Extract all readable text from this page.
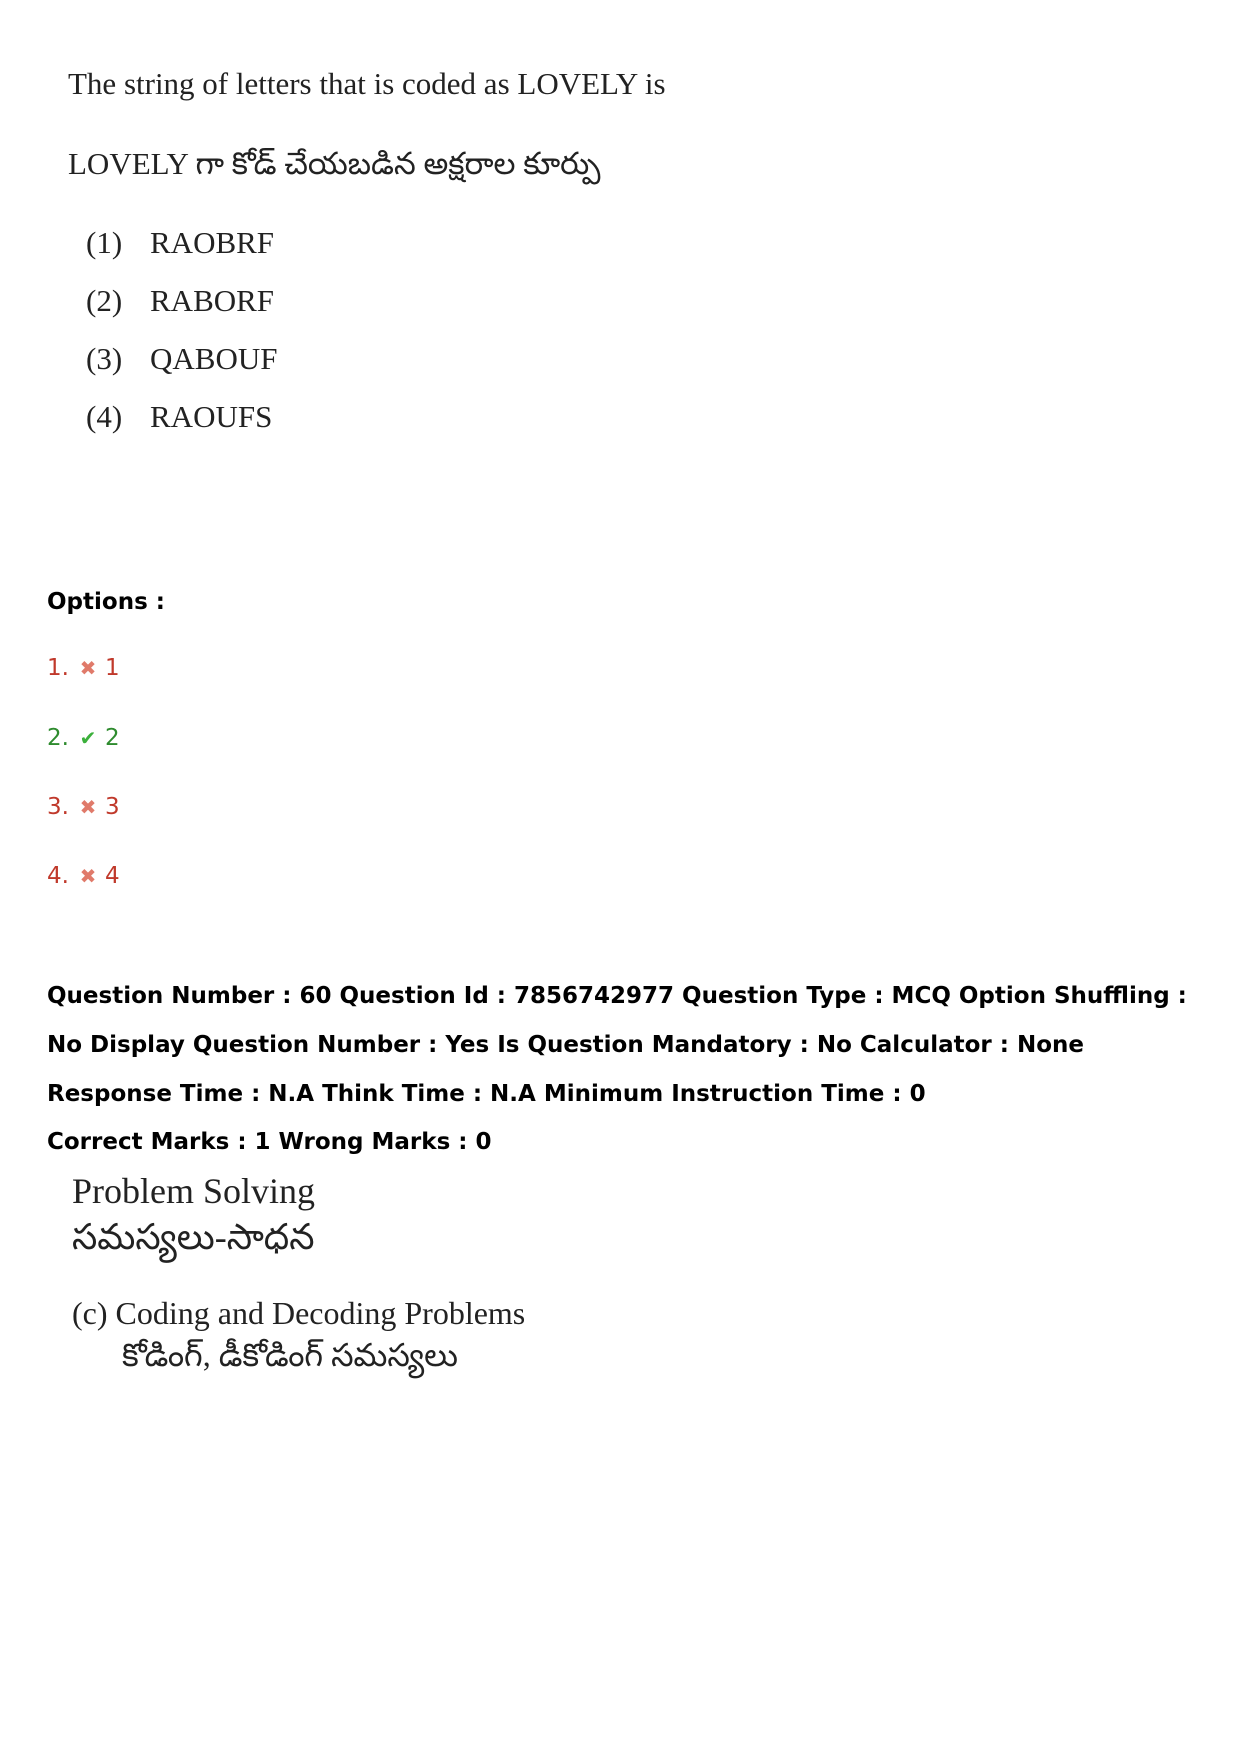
The string of letters that is coded as LOVELY is
LOVELY గా కోడ్ చేయబడిన అక్షరాల కూర్పు
(1) RAOBRF
(2) RABORF
(3) QABOUF
(4) RAOUFS
Options :
1. ✖ 1
2. ✔ 2
3. ✖ 3
4. ✖ 4
Question Number : 60 Question Id : 7856742977 Question Type : MCQ Option Shuffling : No Display Question Number : Yes Is Question Mandatory : No Calculator : None Response Time : N.A Think Time : N.A Minimum Instruction Time : 0
Correct Marks : 1 Wrong Marks : 0
Problem Solving
సమస్యలు-సాధన
(c) Coding and Decoding Problems
కోడింగ్, డీకోడింగ్ సమస్యలు
